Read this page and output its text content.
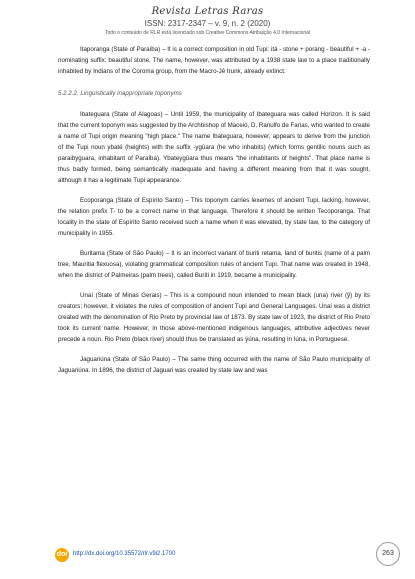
Revista Letras Raras
ISSN: 2317-2347 – v. 9, n. 2 (2020)
Todo o conteúdo de RLR está licenciado sob Creative Commons Atribuição 4.0 Internacional

Itaporanga (State of Paraíba) – It is a correct composition in old Tupi: itá - stone + porang - beautiful + -a - nominating suffix: beautiful stone. The name, however, was attributed by a 1938 state law to a place traditionally inhabited by Indians of the Coroma group, from the Macro-Jê trunk, already extinct.

5.2.2.2. Linguistically inappropriate toponyms

Ibateguara (State of Alagoas) – Until 1959, the municipality of Ibateguara was called Horizon. It is said that the current toponym was suggested by the Archbishop of Maceió, D. Ranulfo de Farias, who wanted to create a name of Tupi origin meaning "high place." The name Ibateguara, however, appears to derive from the junction of the Tupi noun ybaté (heights) with the suffix -ygûara (he who inhabits) (which forms gentilic nouns such as paraibyguara, inhabitant of Paraíba). Ybateygûara thus means "the inhabitants of heights". That place name is thus badly formed, being semantically inadequate and having a different meaning from that it was sought, although it has a legitimate Tupi appearance.

Ecoporanga (State of Espírito Santo) – This toponym carries lexemes of ancient Tupi, lacking, however, the relation prefix T- to be a correct name in that language. Therefore it should be written Tecoporanga. That locality in the state of Espírito Santo received such a name when it was elevated, by state law, to the category of municipality in 1955.

Buritama (State of São Paulo) – It is an incorrect variant of buriti retama, land of buritis (name of a palm tree, Mauritia flexuosa), violating grammatical composition rules of ancient Tupi. That name was created in 1948, when the district of Palmeiras (palm trees), called Buriti in 1919, became a municipality.

Unaí (State of Minas Gerais) – This is a compound noun intended to mean black (una) river (ỹ) by its creators; however, it violates the rules of composition of ancient Tupi and General Languages. Unaí was a district created with the denomination of Rio Preto by provincial law of 1873. By state law of 1923, the district of Rio Preto took its current name. However, in those above-mentioned indigenous languages, attributive adjectives never precede a noun. Rio Preto (black river) should thus be translated as ýúna, resulting in Iúna, in Portuguese.

Jaguariúna (State of São Paulo) – The same thing occurred with the name of São Paulo municipality of Jaguariúna. In 1896, the district of Jaguari was created by state law and was

doi http://dx.doi.org/10.35572/rlr.v9i2.1700	263
